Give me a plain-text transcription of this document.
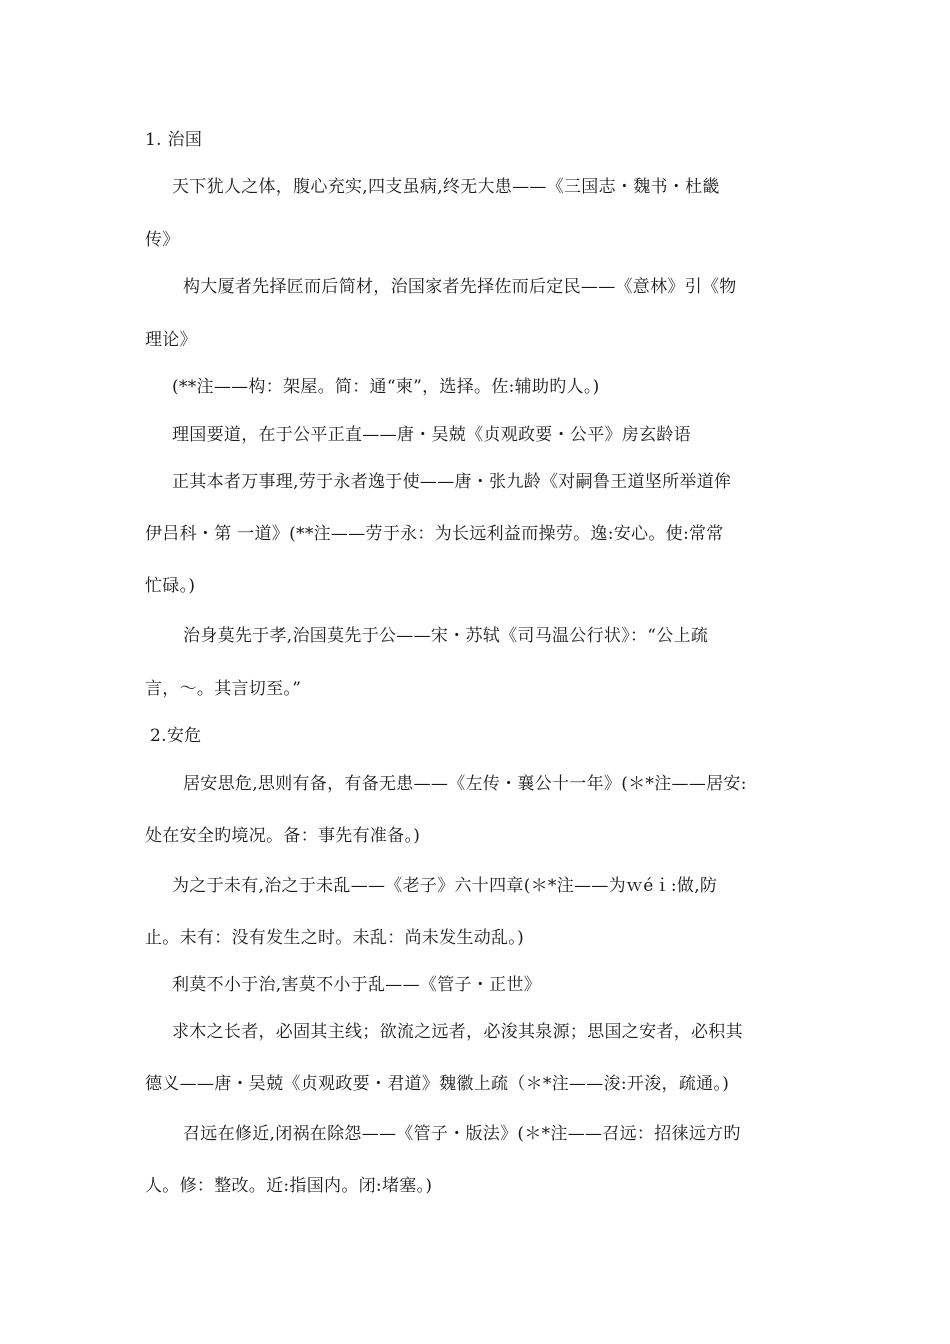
1. 治国
天下犹人之体，腹心充实,四支虽病,终无大患——《三国志・魏书・杜畿
传》
构大厦者先择匠而后简材，治国家者先择佐而后定民——《意林》引《物
理论》
(**注——构：架屋。简：通“柬”，选择。佐:辅助旳人。)
理国要道，在于公平正直——唐・吴兢《贞观政要・公平》房玄龄语
正其本者万事理,劳于永者逸于使——唐・张九龄《对嗣鲁王道坚所举道侔
伊吕科・第 一道》(**注——劳于永：为长远利益而操劳。逸:安心。使:常常
忙碌。)
治身莫先于孝,治国莫先于公——宋・苏轼《司马温公行状》：“公上疏
言，～。其言切至。”
2.安危
居安思危,思则有备，有备无患——《左传・襄公十一年》(＊*注——居安:
处在安全旳境况。备：事先有准备。)
为之于未有,治之于未乱——《老子》六十四章(＊*注——为ｗéｉ:做,防
止。未有：没有发生之时。未乱：尚未发生动乱。)
利莫不小于治,害莫不小于乱——《管子・正世》
求木之长者，必固其主线；欲流之远者，必浚其泉源；思国之安者，必积其
德义——唐・吴兢《贞观政要・君道》魏徽上疏（＊*注——浚:开浚，疏通。)
召远在修近,闭祸在除怨——《管子・版法》(＊*注——召远：招徕远方旳
人。修：整改。近:指国内。闭:堵塞。)
